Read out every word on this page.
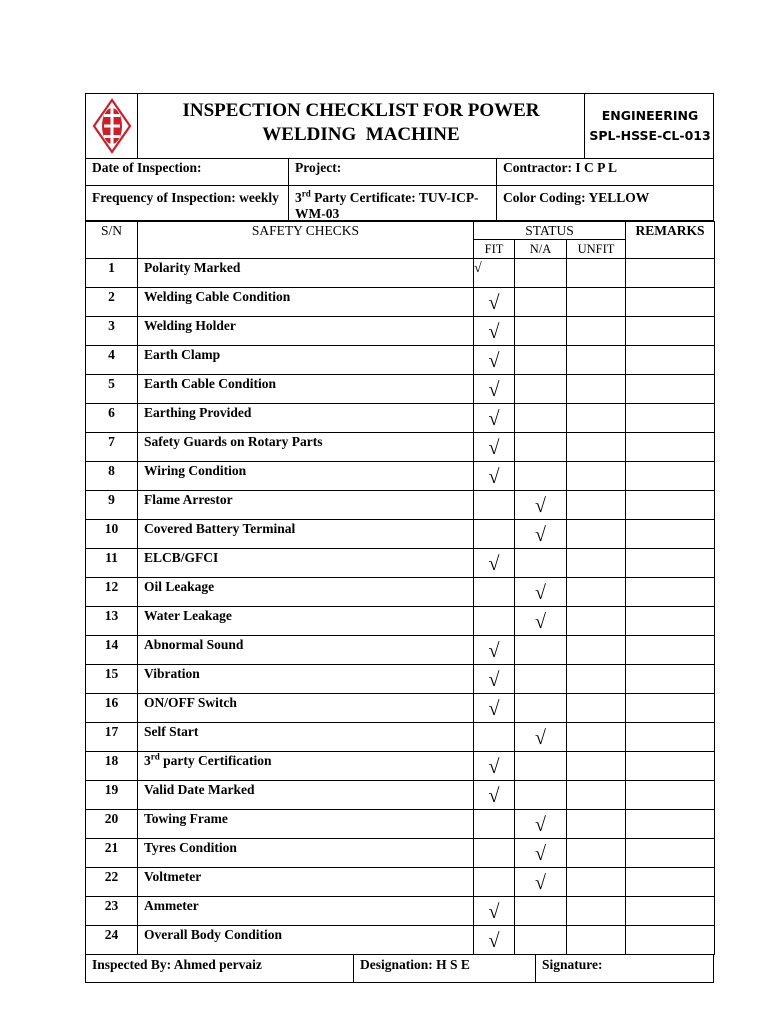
INSPECTION CHECKLIST FOR POWER
WELDING  MACHINE
ENGINEERING
SPL-HSSE-CL-013
Date of Inspection:	Project:	Contractor: I C P L
Frequency of Inspection: weekly	3rd Party Certificate: TUV-ICP-WM-03
Color Coding: YELLOW
S/N	SAFETY CHECKS	STATUS			REMARKS
		FIT	N/A	UNFIT	
1	Polarity Marked	√			
2	Welding Cable Condition	√			
3	Welding Holder	√			
4	Earth Clamp	√			
5	Earth Cable Condition	√			
6	Earthing Provided	√			
7	Safety Guards on Rotary Parts	√			
8	Wiring Condition	√			
9	Flame Arrestor		√		
10	Covered Battery Terminal		√		
11	ELCB/GFCI	√			
12	Oil Leakage		√		
13	Water Leakage		√		
14	Abnormal Sound	√			
15	Vibration	√			
16	ON/OFF Switch	√			
17	Self Start		√		
18	3rd party Certification	√			
19	Valid Date Marked	√			
20	Towing Frame		√		
21	Tyres Condition		√		
22	Voltmeter		√		
23	Ammeter	√			
24	Overall Body Condition	√			
Inspected By: Ahmed pervaiz	Designation: H S E	Signature:
